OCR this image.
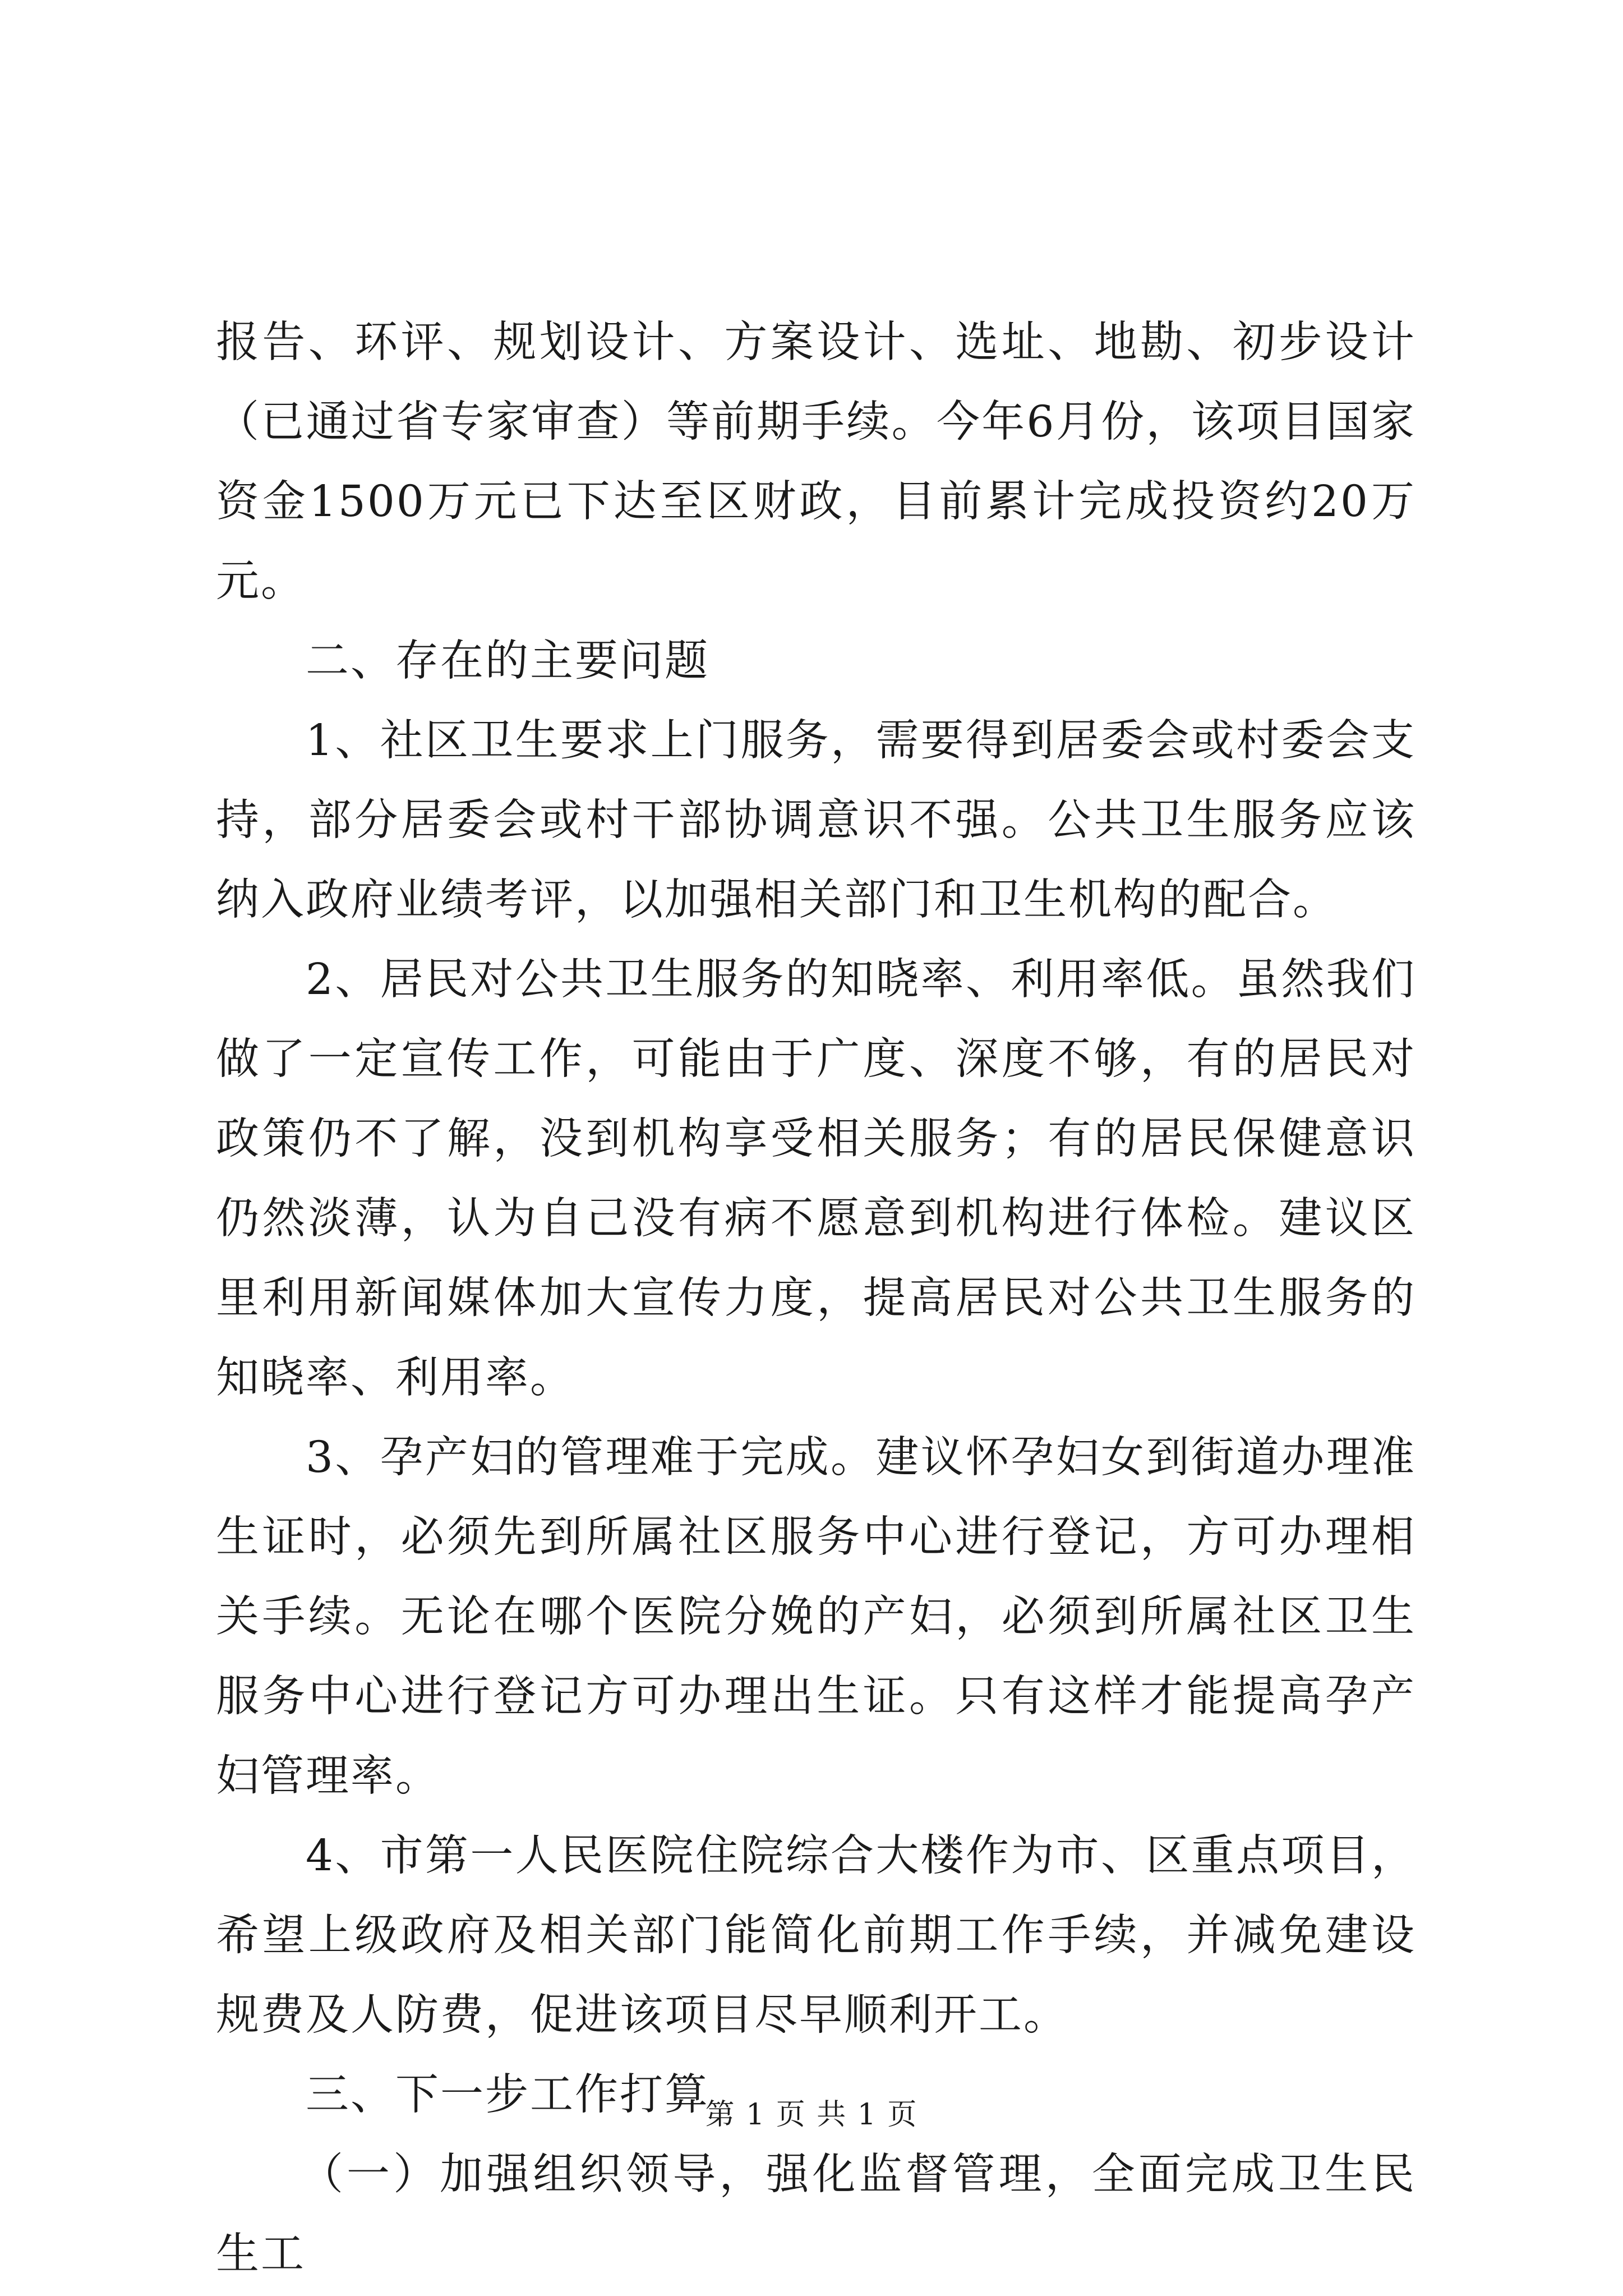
报告、环评、规划设计、方案设计、选址、地勘、初步设计（已通过省专家审查）等前期手续。今年6月份，该项目国家资金1500万元已下达至区财政，目前累计完成投资约20万元。

二、存在的主要问题

1、社区卫生要求上门服务，需要得到居委会或村委会支持，部分居委会或村干部协调意识不强。公共卫生服务应该纳入政府业绩考评，以加强相关部门和卫生机构的配合。

2、居民对公共卫生服务的知晓率、利用率低。虽然我们做了一定宣传工作，可能由于广度、深度不够，有的居民对政策仍不了解，没到机构享受相关服务；有的居民保健意识仍然淡薄，认为自己没有病不愿意到机构进行体检。建议区里利用新闻媒体加大宣传力度，提高居民对公共卫生服务的知晓率、利用率。

3、孕产妇的管理难于完成。建议怀孕妇女到街道办理准生证时，必须先到所属社区服务中心进行登记，方可办理相关手续。无论在哪个医院分娩的产妇，必须到所属社区卫生服务中心进行登记方可办理出生证。只有这样才能提高孕产妇管理率。

4、市第一人民医院住院综合大楼作为市、区重点项目，希望上级政府及相关部门能简化前期工作手续，并减免建设规费及人防费，促进该项目尽早顺利开工。

三、下一步工作打算

（一）加强组织领导，强化监督管理，全面完成卫生民生工

第 1 页 共 1 页
